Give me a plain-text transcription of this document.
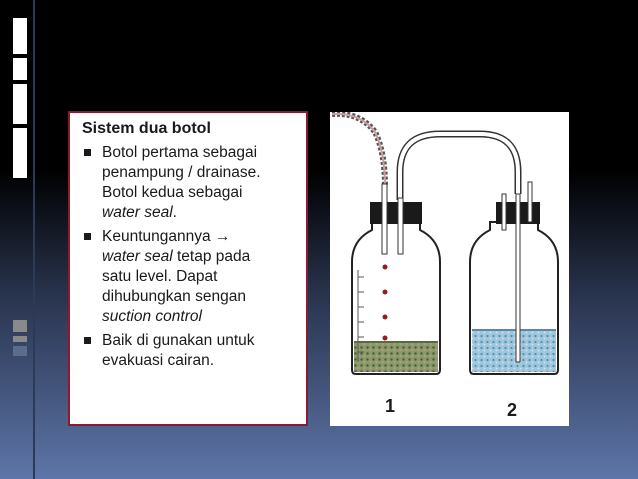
Sistem dua botol
Botol pertama sebagai
penampung / drainase.
Botol kedua sebagai
water seal.
Keuntungannya →
water seal tetap pada
satu level. Dapat
dihubungkan sengan
suction control
Baik di gunakan untuk
evakuasi cairan.
1	2
